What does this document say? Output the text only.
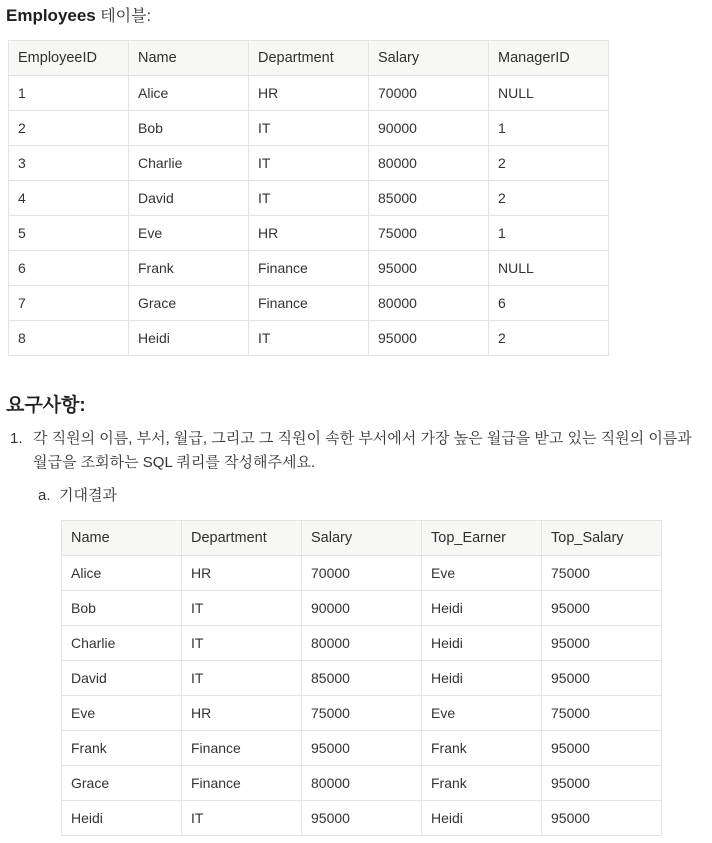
Employees 테이블:
EmployeeID	Name	Department	Salary	ManagerID
1	Alice	HR	70000	NULL
2	Bob	IT	90000	1
3	Charlie	IT	80000	2
4	David	IT	85000	2
5	Eve	HR	75000	1
6	Frank	Finance	95000	NULL
7	Grace	Finance	80000	6
8	Heidi	IT	95000	2
요구사항:
1. 각 직원의 이름, 부서, 월급, 그리고 그 직원이 속한 부서에서 가장 높은 월급을 받고 있는 직원의 이름과 월급을 조회하는 SQL 쿼리를 작성해주세요.
a. 기대결과
Name	Department	Salary	Top_Earner	Top_Salary
Alice	HR	70000	Eve	75000
Bob	IT	90000	Heidi	95000
Charlie	IT	80000	Heidi	95000
David	IT	85000	Heidi	95000
Eve	HR	75000	Eve	75000
Frank	Finance	95000	Frank	95000
Grace	Finance	80000	Frank	95000
Heidi	IT	95000	Heidi	95000
